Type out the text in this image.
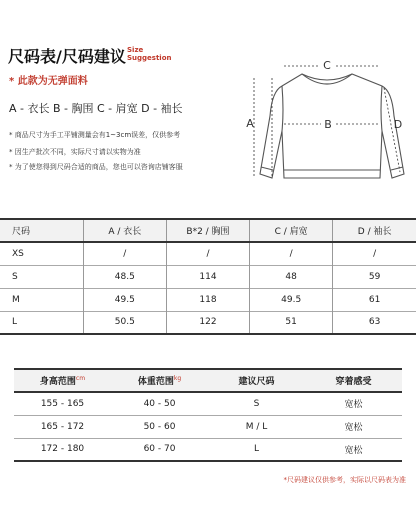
尺码表/尺码建议 Size
Suggestion
* 此款为无弹面料
A - 衣长 B - 胸围 C - 肩宽 D - 袖长
* 商品尺寸为手工平铺测量会有1~3cm误差，仅供参考
* 因生产批次不同，实际尺寸请以实物为准
* 为了使您得到尺码合适的商品，您也可以咨询店铺客服
C
A	B	D
尺码	A / 衣长	B*2 / 胸围	C / 肩宽	D / 袖长
XS	/	/	/	/
S	48.5	114	48	59
M	49.5	118	49.5	61
L	50.5	122	51	63
身高范围$^{cm}$	体重范围$^{kg}$	建议尺码	穿着感受
155 - 165	40 - 50	S	宽松
165 - 172	50 - 60	M / L	宽松
172 - 180	60 - 70	L	宽松
*尺码建议仅供参考，实际以尺码表为准
